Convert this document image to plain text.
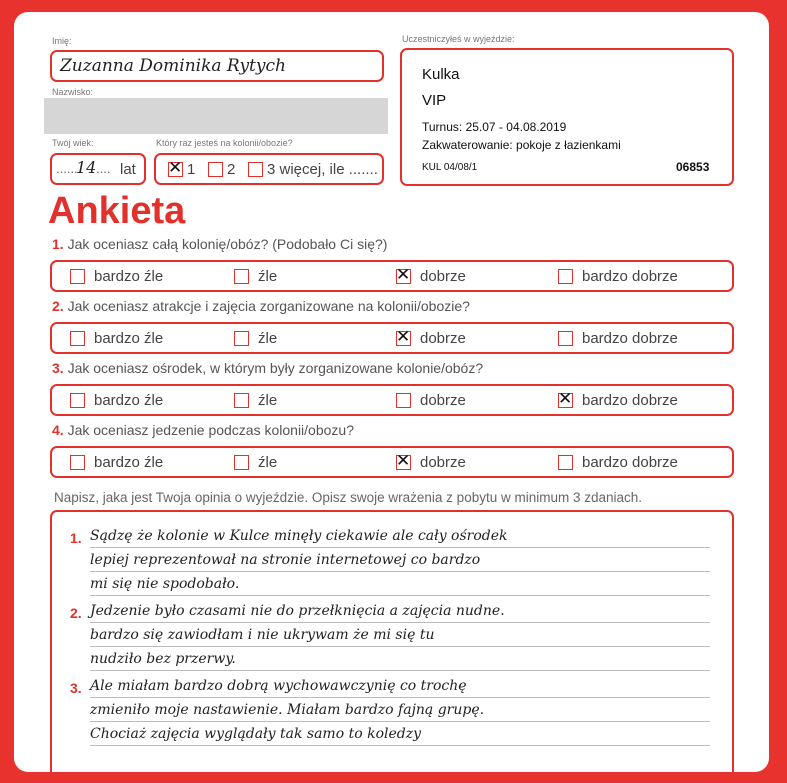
Imię:
Zuzanna Dominika Rytych
Nazwisko:
Twój wiek:
.......
14 .... lat
Który raz jesteś na kolonii/obozie?
✕ 1 2 3 więcej, ile .......
Uczestniczyłeś w wyjeździe:
Kulka
VIP
Turnus: 25.07 - 04.08.2019
Zakwaterowanie: pokoje z łazienkami
KUL 04/08/1	06853
Ankieta
1. Jak oceniasz całą kolonię/obóz? (Podobało Ci się?)
bardzo źle	źle	✕ dobrze	bardzo dobrze
2. Jak oceniasz atrakcje i zajęcia zorganizowane na kolonii/obozie?
bardzo źle	źle	✕ dobrze	bardzo dobrze
3. Jak oceniasz ośrodek, w którym były zorganizowane kolonie/obóz?
bardzo źle	źle	dobrze	✕ bardzo dobrze
4. Jak oceniasz jedzenie podczas kolonii/obozu?
bardzo źle	źle	✕ dobrze	bardzo dobrze
Napisz, jaka jest Twoja opinia o wyjeździe. Opisz swoje wrażenia z pobytu w minimum 3 zdaniach.
1. Sądzę że kolonie w Kulce minęły ciekawie ale cały ośrodek
lepiej reprezentował na stronie internetowej co bardzo
mi się nie spodobało.
2. Jedzenie było czasami nie do przełknięcia a zajęcia nudne.
bardzo się zawiodłam i nie ukrywam że mi się tu
nudziło bez przerwy.
3. Ale miałam bardzo dobrą wychowawczynię co trochę
zmieniło moje nastawienie. Miałam bardzo fajną grupę.
Chociaż zajęcia wyglądały tak samo to koledzy
